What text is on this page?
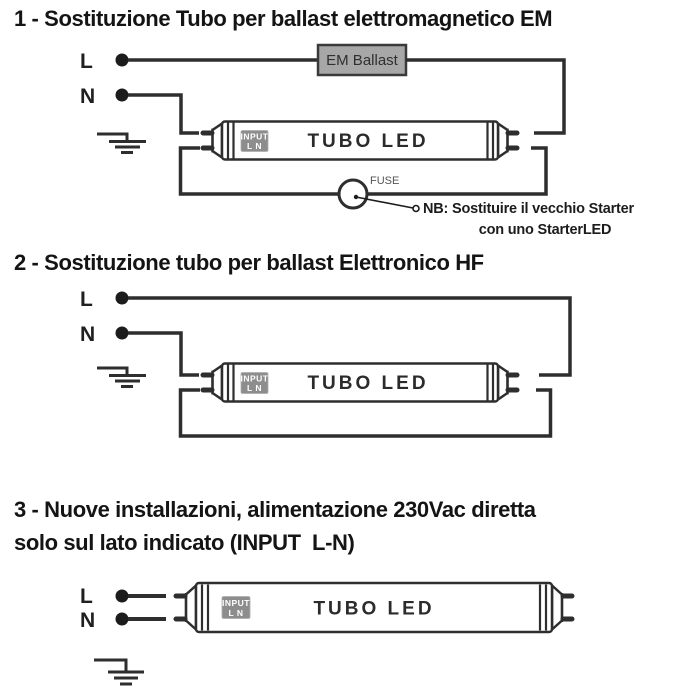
1 - Sostituzione Tubo per ballast elettromagnetico EM
L	EM Ballast
N
FUSE
NB: Sostituire il vecchio Starter
con uno StarterLED
INPUT
L N TUBO LED
2 - Sostituzione tubo per ballast Elettronico HF
L
N
INPUT
L N TUBO LED
3 - Nuove installazioni, alimentazione 230Vac diretta
solo sul lato indicato (INPUT  L-N)
L
N
INPUT
L N	TUBO LED
